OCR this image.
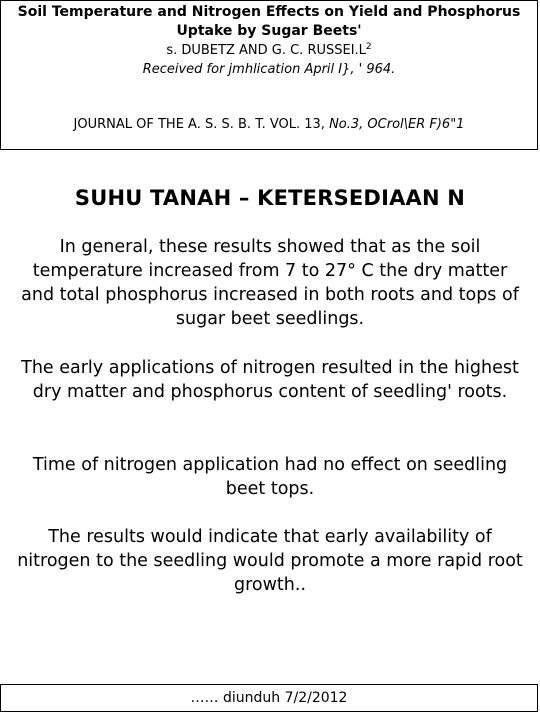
Soil Temperature and Nitrogen Effects on Yield and Phosphorus Uptake by Sugar Beets'
s. DUBETZ AND G. C. $RUSSEI.L^2$
Received for jmhlication April I}, ' 964.
JOURNAL OF THE A. S. S. B. T. VOL. 13, No.3, OCrol\ER F)6"1
SUHU TANAH – KETERSEDIAAN N
In general, these results showed that as the soil temperature increased from 7 to 27° C the dry matter and total phosphorus increased in both roots and tops of sugar beet seedlings.
The early applications of nitrogen resulted in the highest dry matter and phosphorus content of seedling' roots.
Time of nitrogen application had no effect on seedling beet tops.
The results would indicate that early availability of nitrogen to the seedling would promote a more rapid root growth..
…… diunduh 7/2/2012
